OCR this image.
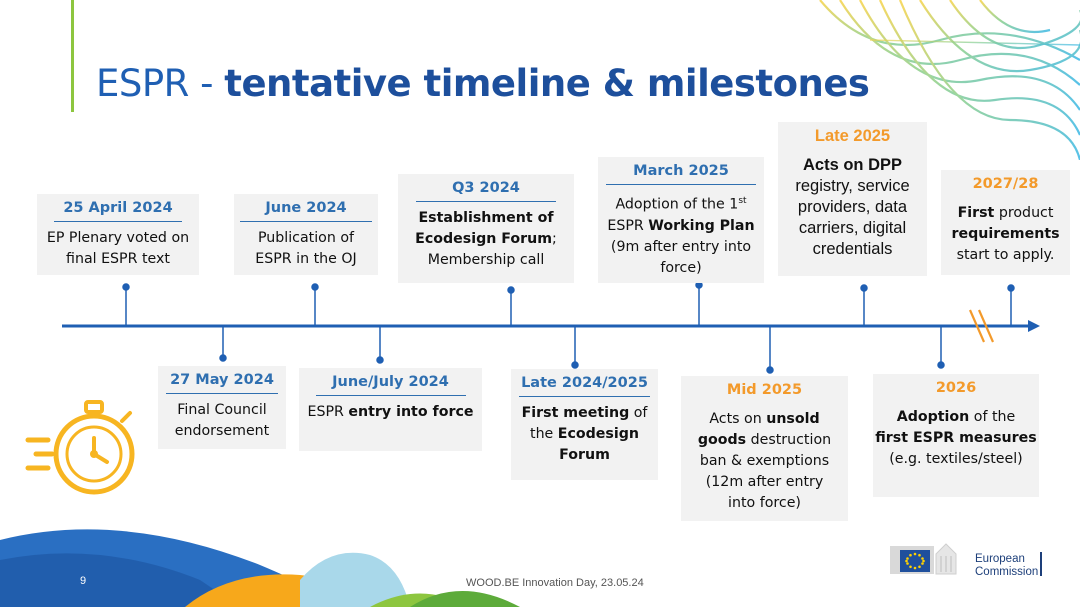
ESPR - tentative timeline & milestones
25 April 2024
EP Plenary voted on
final ESPR text
June 2024
Publication of
ESPR in the OJ
Q3 2024
Establishment of
Ecodesign Forum;
Membership call
March 2025
Adoption of the 1st
ESPR Working Plan
(9m after entry into
force)
Late 2025
Acts on DPP
registry, service
providers, data
carriers, digital
credentials
2027/28
First product
requirements
start to apply.
27 May 2024
Final Council
endorsement
June/July 2024
ESPR entry into force
Late 2024/2025
First meeting of
the Ecodesign
Forum
Mid 2025
Acts on unsold
goods destruction
ban & exemptions
(12m after entry
into force)
2026
Adoption of the
first ESPR measures
(e.g. textiles/steel)
9	WOOD.BE Innovation Day, 23.05.24
European
Commission
